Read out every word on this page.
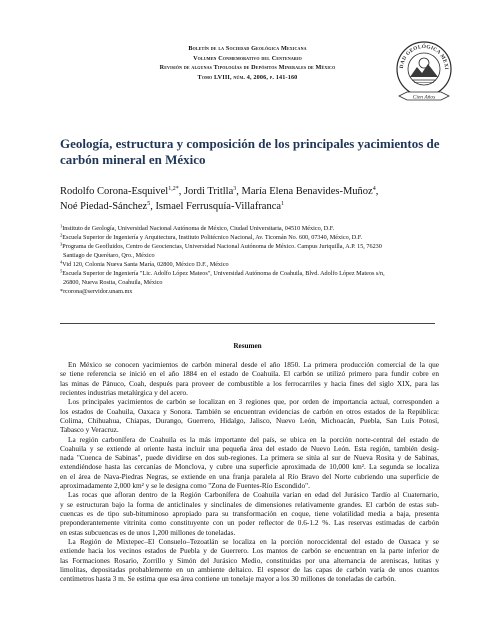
Boletín de la Sociedad Geológica Mexicana
Volumen Conmemorativo del Centenario
Revisión de algunas Tipologías de Depósitos Minerales de México
Tomo LVIII, núm. 4, 2006, p. 141-160
DAD GEOLÓGICA MEXI
Cien Años
Geología, estructura y composición de los principales yacimientos de
carbón mineral en México
Rodolfo Corona-Esquivel$^{1,2*}$, Jordi Tritlla$^3$, María Elena Benavides-Muñoz$^4$,
Noé Piedad-Sánchez$^5$, Ismael Ferrusquía-Villafranca$^1$
$^1$Instituto de Geología, Universidad Nacional Autónoma de México, Ciudad Universitaria, 04510 México, D.F.
$^2$Escuela Superior de Ingeniería y Arquitectura, Instituto Politécnico Nacional, Av. Ticomán No. 600, 07340, México, D.F.
$^3$Programa de Geofluidos, Centro de Geociencias, Universidad Nacional Autónoma de México. Campus Juriquilla, A.P. 15, 76230
Santiago de Querétaro, Qro., México
$^4$Vid 120, Colonia Nueva Santa María, 02800, México D.F., México
$^5$Escuela Superior de Ingeniería "Lic. Adolfo López Mateos", Universidad Autónoma de Coahuila, Blvd. Adolfo López Mateos s/n,
26800, Nueva Rosita, Coahuila, México
*rcorona@servidor.unam.mx
Resumen
En México se conocen yacimientos de carbón mineral desde el año 1850. La primera producción comercial de la que
se tiene referencia se inició en el año 1884 en el estado de Coahuila. El carbón se utilizó primero para fundir cobre en
las minas de Pánuco, Coah, después para proveer de combustible a los ferrocarriles y hacia fines del siglo XIX, para las
recientes industrias metalúrgica y del acero.
Los principales yacimientos de carbón se localizan en 3 regiones que, por orden de importancia actual, corresponden a
los estados de Coahuila, Oaxaca y Sonora. También se encuentran evidencias de carbón en otros estados de la República:
Colima, Chihuahua, Chiapas, Durango, Guerrero, Hidalgo, Jalisco, Nuevo León, Michoacán, Puebla, San Luis Potosí,
Tabasco y Veracruz.
La región carbonífera de Coahuila es la más importante del país, se ubica en la porción norte-central del estado de
Coahuila y se extiende al oriente hasta incluir una pequeña área del estado de Nuevo León. Esta región, también desig-
nada "Cuenca de Sabinas", puede dividirse en dos sub-regiones. La primera se sitúa al sur de Nueva Rosita y de Sabinas,
extendiéndose hasta las cercanías de Monclova, y cubre una superficie aproximada de 10,000 km². La segunda se localiza
en el área de Nava-Piedras Negras, se extiende en una franja paralela al Río Bravo del Norte cubriendo una superficie de
aproximadamente 2,000 km² y se le designa como "Zona de Fuentes-Río Escondido".
Las rocas que afloran dentro de la Región Carbonífera de Coahuila varían en edad del Jurásico Tardío al Cuaternario,
y se estructuran bajo la forma de anticlinales y sinclinales de dimensiones relativamente grandes. El carbón de estas sub-
cuencas es de tipo sub-bituminoso apropiado para su transformación en coque, tiene volatilidad media a baja, presenta
preponderantemente vitrinita como constituyente con un poder reflector de 0.6-1.2 %. Las reservas estimadas de carbón
en estas subcuencas es de unos 1,200 millones de toneladas.
La Región de Mixtepec–El Consuelo–Tezoatlán se localiza en la porción noroccidental del estado de Oaxaca y se
extiende hacia los vecinos estados de Puebla y de Guerrero. Los mantos de carbón se encuentran en la parte inferior de
las Formaciones Rosario, Zorrillo y Simón del Jurásico Medio, constituidas por una alternancia de areniscas, lutitas y
limolitas, depositadas probablemente en un ambiente deltaico. El espesor de las capas de carbón varía de unos cuantos
centímetros hasta 3 m. Se estima que esa área contiene un tonelaje mayor a los 30 millones de toneladas de carbón.
